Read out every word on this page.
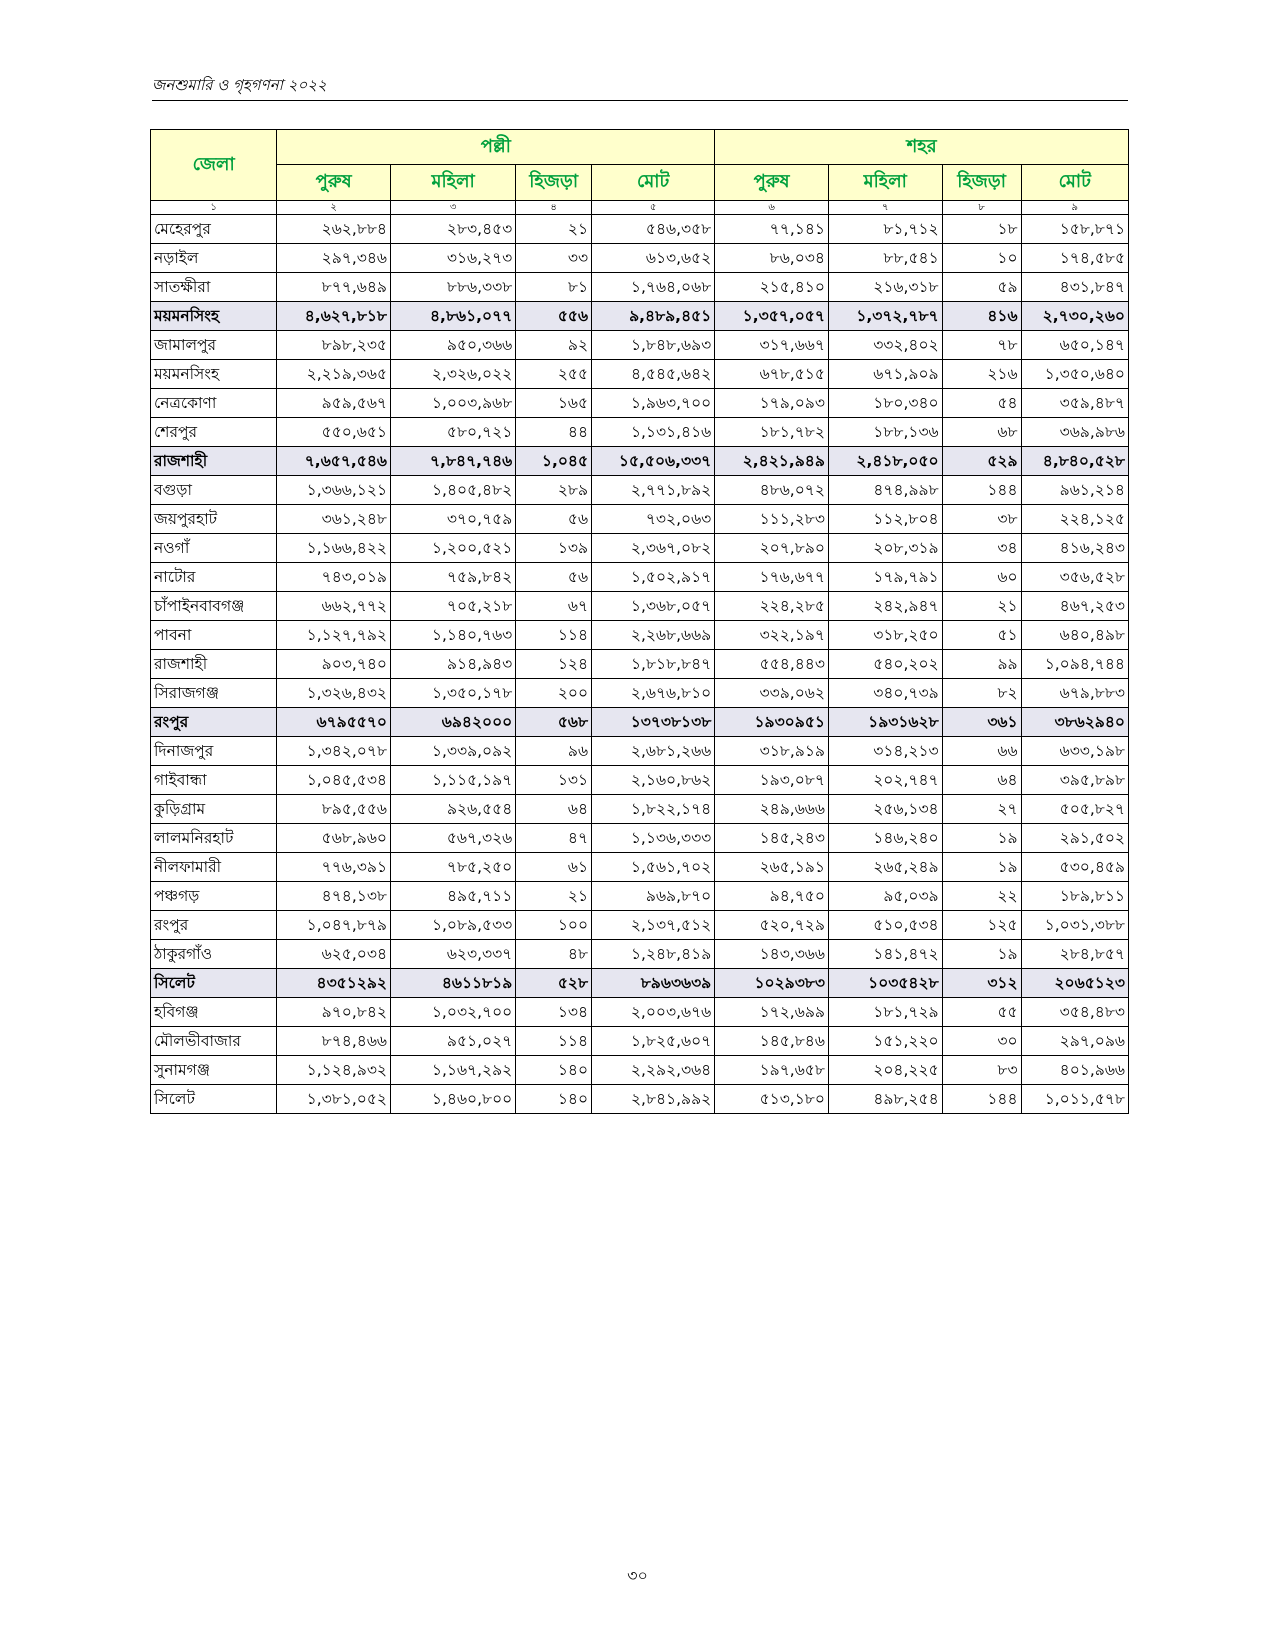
জনশুমারি ও গৃহগণনা ২০২২
জেলা	পল্লী				শহর			
	পুরুষ	মহিলা	হিজড়া	মোট	পুরুষ	মহিলা	হিজড়া	মোট
১	২	৩	৪	৫	৬	৭	৮	৯
মেহেরপুর	২৬২,৮৮৪	২৮৩,৪৫৩	২১	৫৪৬,৩৫৮	৭৭,১৪১	৮১,৭১২	১৮	১৫৮,৮৭১
নড়াইল	২৯৭,৩৪৬	৩১৬,২৭৩	৩৩	৬১৩,৬৫২	৮৬,০৩৪	৮৮,৫৪১	১০	১৭৪,৫৮৫
সাতক্ষীরা	৮৭৭,৬৪৯	৮৮৬,৩৩৮	৮১	১,৭৬৪,০৬৮	২১৫,৪১০	২১৬,৩১৮	৫৯	৪৩১,৮৪৭
ময়মনসিংহ	৪,৬২৭,৮১৮	৪,৮৬১,০৭৭	৫৫৬	৯,৪৮৯,৪৫১	১,৩৫৭,০৫৭	১,৩৭২,৭৮৭	৪১৬	২,৭৩০,২৬০
জামালপুর	৮৯৮,২৩৫	৯৫০,৩৬৬	৯২	১,৮৪৮,৬৯৩	৩১৭,৬৬৭	৩৩২,৪০২	৭৮	৬৫০,১৪৭
ময়মনসিংহ	২,২১৯,৩৬৫	২,৩২৬,০২২	২৫৫	৪,৫৪৫,৬৪২	৬৭৮,৫১৫	৬৭১,৯০৯	২১৬	১,৩৫০,৬৪০
নেত্রকোণা	৯৫৯,৫৬৭	১,০০৩,৯৬৮	১৬৫	১,৯৬৩,৭০০	১৭৯,০৯৩	১৮০,৩৪০	৫৪	৩৫৯,৪৮৭
শেরপুর	৫৫০,৬৫১	৫৮০,৭২১	৪৪	১,১৩১,৪১৬	১৮১,৭৮২	১৮৮,১৩৬	৬৮	৩৬৯,৯৮৬
রাজশাহী	৭,৬৫৭,৫৪৬	৭,৮৪৭,৭৪৬	১,০৪৫	১৫,৫০৬,৩৩৭	২,৪২১,৯৪৯	২,৪১৮,০৫০	৫২৯	৪,৮৪০,৫২৮
বগুড়া	১,৩৬৬,১২১	১,৪০৫,৪৮২	২৮৯	২,৭৭১,৮৯২	৪৮৬,০৭২	৪৭৪,৯৯৮	১৪৪	৯৬১,২১৪
জয়পুরহাট	৩৬১,২৪৮	৩৭০,৭৫৯	৫৬	৭৩২,০৬৩	১১১,২৮৩	১১২,৮০৪	৩৮	২২৪,১২৫
নওগাঁ	১,১৬৬,৪২২	১,২০০,৫২১	১৩৯	২,৩৬৭,০৮২	২০৭,৮৯০	২০৮,৩১৯	৩৪	৪১৬,২৪৩
নাটোর	৭৪৩,০১৯	৭৫৯,৮৪২	৫৬	১,৫০২,৯১৭	১৭৬,৬৭৭	১৭৯,৭৯১	৬০	৩৫৬,৫২৮
চাঁপাইনবাবগঞ্জ	৬৬২,৭৭২	৭০৫,২১৮	৬৭	১,৩৬৮,০৫৭	২২৪,২৮৫	২৪২,৯৪৭	২১	৪৬৭,২৫৩
পাবনা	১,১২৭,৭৯২	১,১৪০,৭৬৩	১১৪	২,২৬৮,৬৬৯	৩২২,১৯৭	৩১৮,২৫০	৫১	৬৪০,৪৯৮
রাজশাহী	৯০৩,৭৪০	৯১৪,৯৪৩	১২৪	১,৮১৮,৮৪৭	৫৫৪,৪৪৩	৫৪০,২০২	৯৯	১,০৯৪,৭৪৪
সিরাজগঞ্জ	১,৩২৬,৪৩২	১,৩৫০,১৭৮	২০০	২,৬৭৬,৮১০	৩৩৯,০৬২	৩৪০,৭৩৯	৮২	৬৭৯,৮৮৩
রংপুর	৬৭৯৫৫৭০	৬৯৪২০০০	৫৬৮	১৩৭৩৮১৩৮	১৯৩০৯৫১	১৯৩১৬২৮	৩৬১	৩৮৬২৯৪০
দিনাজপুর	১,৩৪২,০৭৮	১,৩৩৯,০৯২	৯৬	২,৬৮১,২৬৬	৩১৮,৯১৯	৩১৪,২১৩	৬৬	৬৩৩,১৯৮
গাইবান্ধা	১,০৪৫,৫৩৪	১,১১৫,১৯৭	১৩১	২,১৬০,৮৬২	১৯৩,০৮৭	২০২,৭৪৭	৬৪	৩৯৫,৮৯৮
কুড়িগ্রাম	৮৯৫,৫৫৬	৯২৬,৫৫৪	৬৪	১,৮২২,১৭৪	২৪৯,৬৬৬	২৫৬,১৩৪	২৭	৫০৫,৮২৭
লালমনিরহাট	৫৬৮,৯৬০	৫৬৭,৩২৬	৪৭	১,১৩৬,৩৩৩	১৪৫,২৪৩	১৪৬,২৪০	১৯	২৯১,৫০২
নীলফামারী	৭৭৬,৩৯১	৭৮৫,২৫০	৬১	১,৫৬১,৭০২	২৬৫,১৯১	২৬৫,২৪৯	১৯	৫৩০,৪৫৯
পঞ্চগড়	৪৭৪,১৩৮	৪৯৫,৭১১	২১	৯৬৯,৮৭০	৯৪,৭৫০	৯৫,০৩৯	২২	১৮৯,৮১১
রংপুর	১,০৪৭,৮৭৯	১,০৮৯,৫৩৩	১০০	২,১৩৭,৫১২	৫২০,৭২৯	৫১০,৫৩৪	১২৫	১,০৩১,৩৮৮
ঠাকুরগাঁও	৬২৫,০৩৪	৬২৩,৩৩৭	৪৮	১,২৪৮,৪১৯	১৪৩,৩৬৬	১৪১,৪৭২	১৯	২৮৪,৮৫৭
সিলেট	৪৩৫১২৯২	৪৬১১৮১৯	৫২৮	৮৯৬৩৬৩৯	১০২৯৩৮৩	১০৩৫৪২৮	৩১২	২০৬৫১২৩
হবিগঞ্জ	৯৭০,৮৪২	১,০৩২,৭০০	১৩৪	২,০০৩,৬৭৬	১৭২,৬৯৯	১৮১,৭২৯	৫৫	৩৫৪,৪৮৩
মৌলভীবাজার	৮৭৪,৪৬৬	৯৫১,০২৭	১১৪	১,৮২৫,৬০৭	১৪৫,৮৪৬	১৫১,২২০	৩০	২৯৭,০৯৬
সুনামগঞ্জ	১,১২৪,৯৩২	১,১৬৭,২৯২	১৪০	২,২৯২,৩৬৪	১৯৭,৬৫৮	২০৪,২২৫	৮৩	৪০১,৯৬৬
সিলেট	১,৩৮১,০৫২	১,৪৬০,৮০০	১৪০	২,৮৪১,৯৯২	৫১৩,১৮০	৪৯৮,২৫৪	১৪৪	১,০১১,৫৭৮
৩০
